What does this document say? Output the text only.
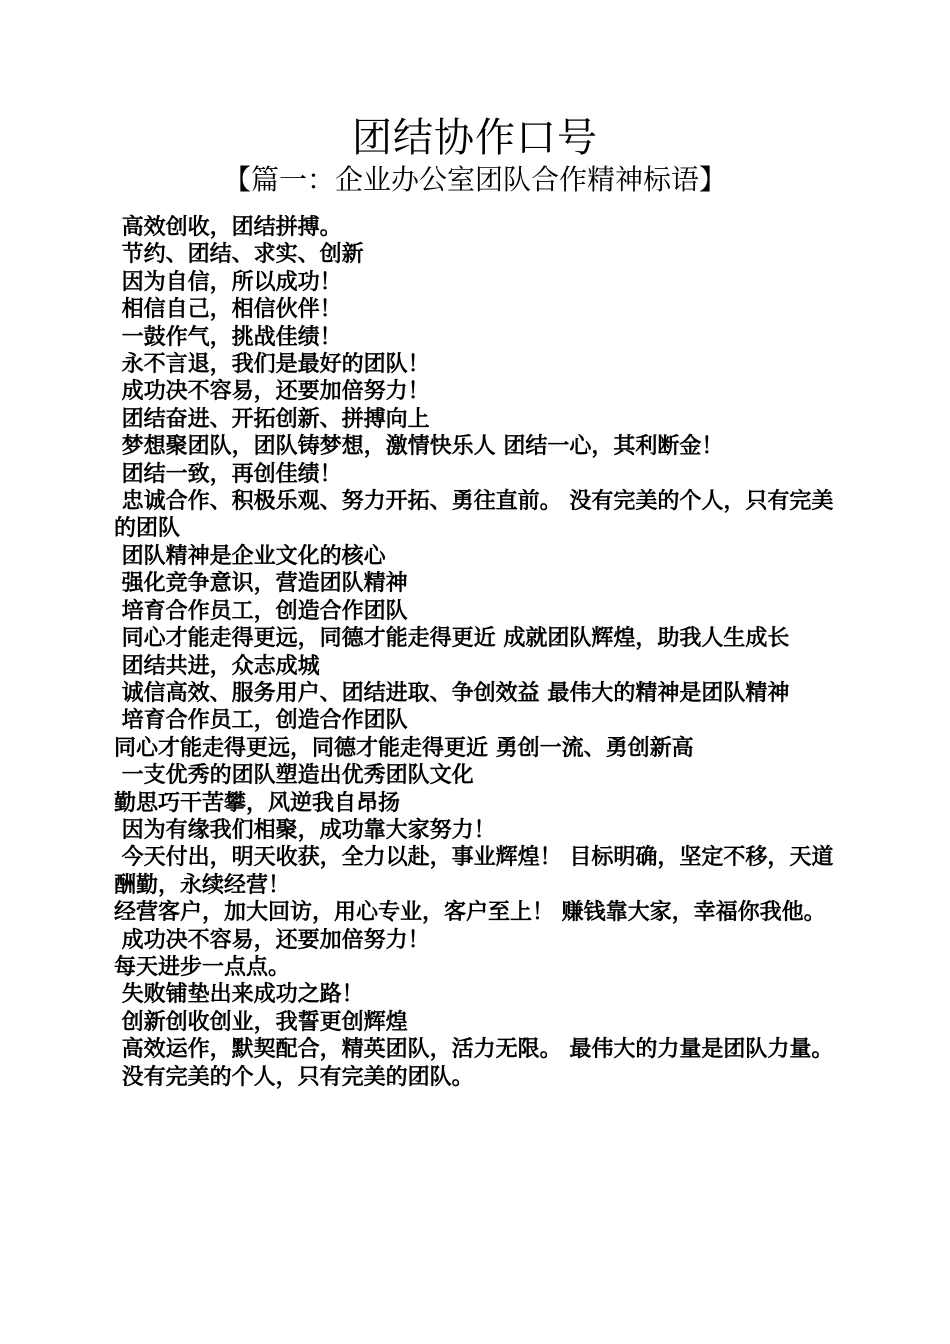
团结协作口号
【篇一：企业办公室团队合作精神标语】
高效创收，团结拼搏。
节约、团结、求实、创新
因为自信，所以成功！
相信自己，相信伙伴！
一鼓作气，挑战佳绩！
永不言退，我们是最好的团队！
成功决不容易，还要加倍努力！
团结奋进、开拓创新、拼搏向上
梦想聚团队，团队铸梦想，激情快乐人 团结一心，其利断金！
团结一致，再创佳绩！
忠诚合作、积极乐观、努力开拓、勇往直前。 没有完美的个人，只有完美的团队
团队精神是企业文化的核心
强化竞争意识，营造团队精神
培育合作员工，创造合作团队
同心才能走得更远，同德才能走得更近 成就团队辉煌，助我人生成长
团结共进，众志成城
诚信高效、服务用户、团结进取、争创效益 最伟大的精神是团队精神
培育合作员工，创造合作团队
同心才能走得更远，同德才能走得更近 勇创一流、勇创新高
一支优秀的团队塑造出优秀团队文化
勤思巧干苦攀，风逆我自昂扬
因为有缘我们相聚，成功靠大家努力！
今天付出，明天收获，全力以赴，事业辉煌！ 目标明确，坚定不移，天道酬勤，永续经营！
经营客户，加大回访，用心专业，客户至上！ 赚钱靠大家，幸福你我他。
成功决不容易，还要加倍努力！
每天进步一点点。
失败铺垫出来成功之路！
创新创收创业，我誓更创辉煌
高效运作，默契配合，精英团队，活力无限。 最伟大的力量是团队力量。
没有完美的个人，只有完美的团队。
